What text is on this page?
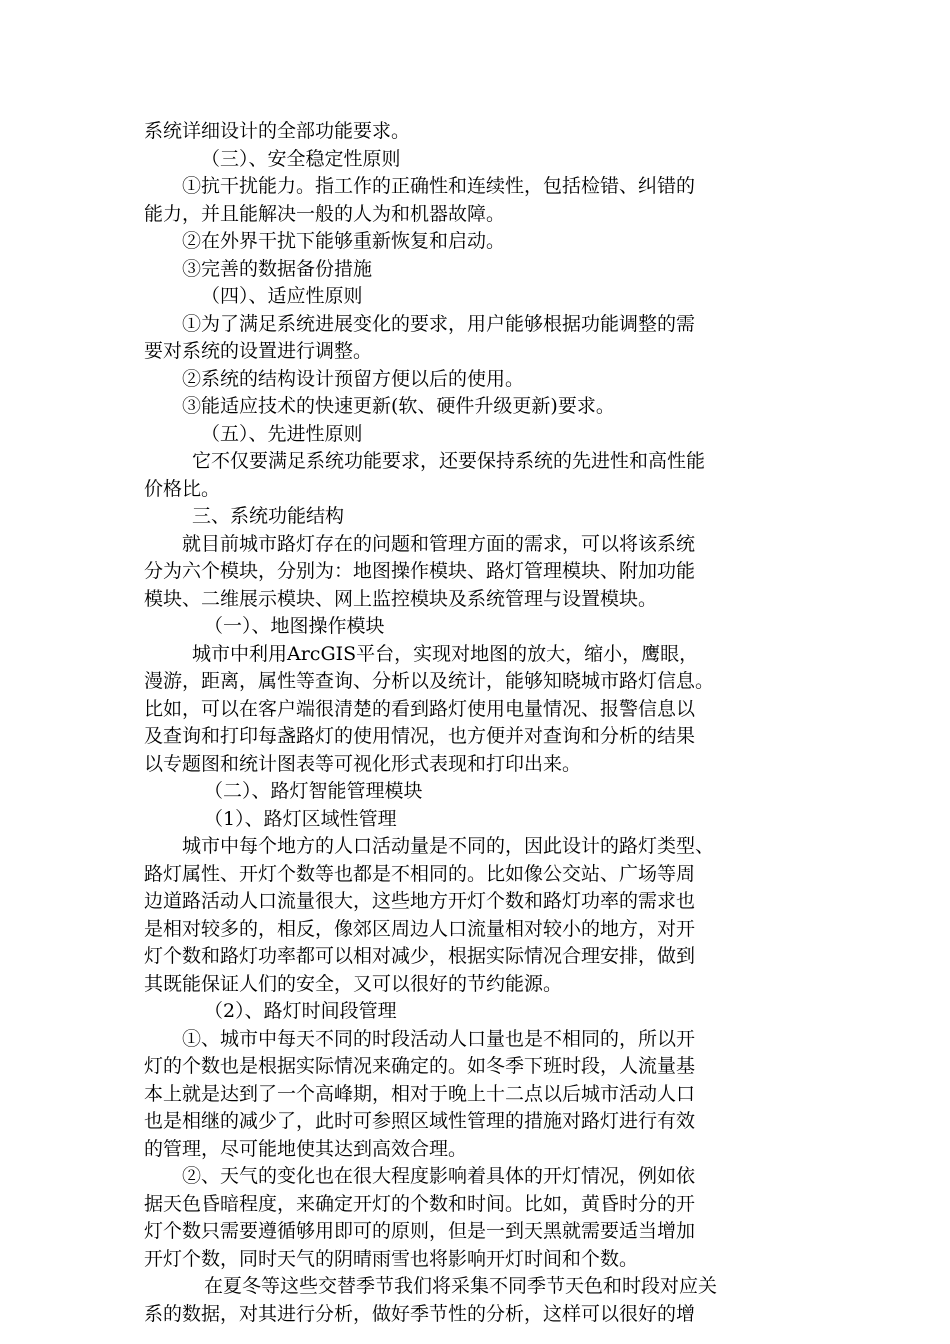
系统详细设计的全部功能要求。
（三）、安全稳定性原则
①抗干扰能力。指工作的正确性和连续性，包括检错、纠错的
能力，并且能解决一般的人为和机器故障。
②在外界干扰下能够重新恢复和启动。
③完善的数据备份措施
（四）、适应性原则
①为了满足系统进展变化的要求，用户能够根据功能调整的需
要对系统的设置进行调整。
②系统的结构设计预留方便以后的使用。
③能适应技术的快速更新(软、硬件升级更新)要求。
（五）、先进性原则
它不仅要满足系统功能要求，还要保持系统的先进性和高性能
价格比。
三、系统功能结构
就目前城市路灯存在的问题和管理方面的需求，可以将该系统
分为六个模块，分别为：地图操作模块、路灯管理模块、附加功能
模块、二维展示模块、网上监控模块及系统管理与设置模块。
（一）、地图操作模块
城市中利用ArcGIS平台，实现对地图的放大，缩小，鹰眼，
漫游，距离，属性等查询、分析以及统计，能够知晓城市路灯信息。
比如，可以在客户端很清楚的看到路灯使用电量情况、报警信息以
及查询和打印每盏路灯的使用情况，也方便并对查询和分析的结果
以专题图和统计图表等可视化形式表现和打印出来。
（二）、路灯智能管理模块
（1）、路灯区域性管理
城市中每个地方的人口活动量是不同的，因此设计的路灯类型、
路灯属性、开灯个数等也都是不相同的。比如像公交站、广场等周
边道路活动人口流量很大，这些地方开灯个数和路灯功率的需求也
是相对较多的，相反，像郊区周边人口流量相对较小的地方，对开
灯个数和路灯功率都可以相对减少，根据实际情况合理安排，做到
其既能保证人们的安全，又可以很好的节约能源。
（2）、路灯时间段管理
①、城市中每天不同的时段活动人口量也是不相同的，所以开
灯的个数也是根据实际情况来确定的。如冬季下班时段，人流量基
本上就是达到了一个高峰期，相对于晚上十二点以后城市活动人口
也是相继的减少了，此时可参照区域性管理的措施对路灯进行有效
的管理，尽可能地使其达到高效合理。
②、天气的变化也在很大程度影响着具体的开灯情况，例如依
据天色昏暗程度，来确定开灯的个数和时间。比如，黄昏时分的开
灯个数只需要遵循够用即可的原则，但是一到天黑就需要适当增加
开灯个数，同时天气的阴晴雨雪也将影响开灯时间和个数。
在夏冬等这些交替季节我们将采集不同季节天色和时段对应关
系的数据，对其进行分析，做好季节性的分析，这样可以很好的增
